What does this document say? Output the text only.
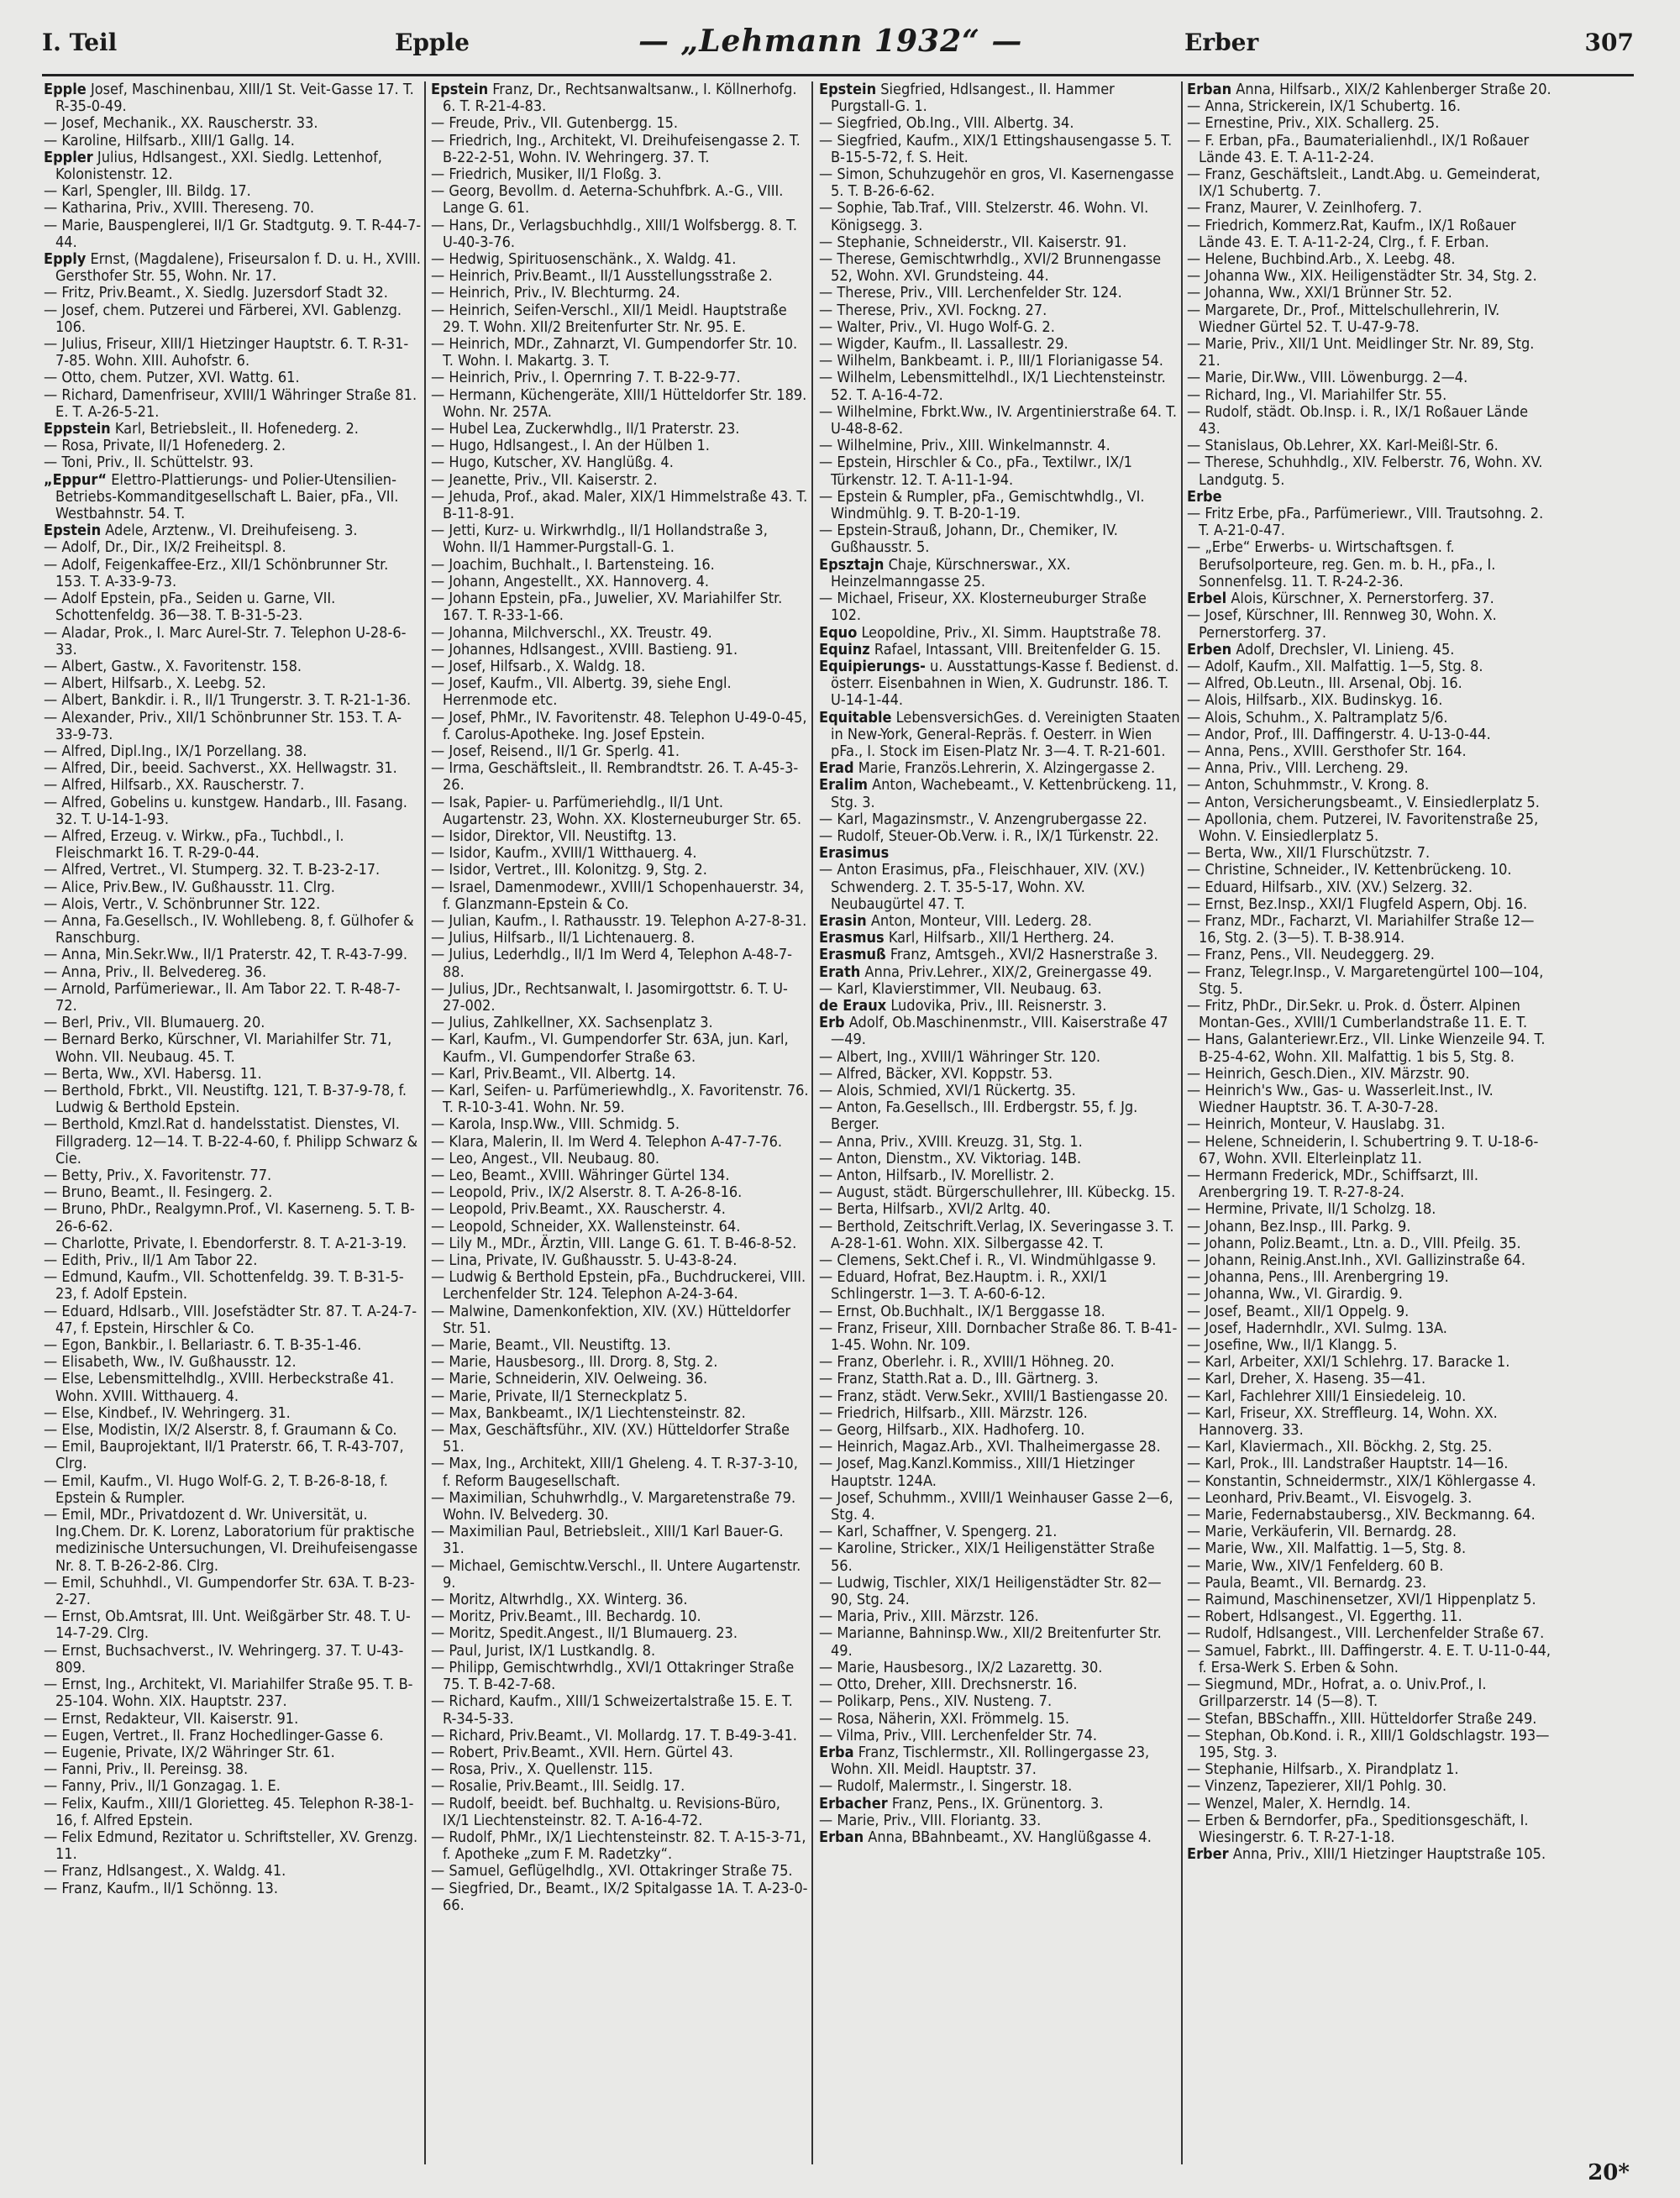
I. Teil	Epple	— „Lehmann 1932“ —	Erber	307

Epple Josef, Maschinenbau, XIII/1 St. Veit-Gasse 17. T. R-35-0-49.

— Josef, Mechanik., XX. Rauscherstr. 33.

— Karoline, Hilfsarb., XIII/1 Gallg. 14.

Eppler Julius, Hdlsangest., XXI. Siedlg. Lettenhof, Kolonistenstr. 12.

— Karl, Spengler, III. Bildg. 17.

— Katharina, Priv., XVIII. Thereseng. 70.

— Marie, Bauspenglerei, II/1 Gr. Stadtgutg. 9. T. R-44-7-44.

Epply Ernst, (Magdalene), Friseursalon f. D. u. H., XVIII. Gersthofer Str. 55, Wohn. Nr. 17.

— Fritz, Priv.Beamt., X. Siedlg. Juzersdorf Stadt 32.

— Josef, chem. Putzerei und Färberei, XVI. Gablenzg. 106.

— Julius, Friseur, XIII/1 Hietzinger Hauptstr. 6. T. R-31-7-85. Wohn. XIII. Auhofstr. 6.

— Otto, chem. Putzer, XVI. Wattg. 61.

— Richard, Damenfriseur, XVIII/1 Währinger Straße 81. E. T. A-26-5-21.

Eppstein Karl, Betriebsleit., II. Hofenederg. 2.

— Rosa, Private, II/1 Hofenederg. 2.

— Toni, Priv., II. Schüttelstr. 93.

„Eppur“ Elettro-Plattierungs- und Polier-Utensilien-Betriebs-Kommanditgesellschaft L. Baier, pFa., VII. Westbahnstr. 54. T.

Epstein Adele, Arztenw., VI. Dreihufeiseng. 3.

— Adolf, Dr., Dir., IX/2 Freiheitspl. 8.

— Adolf, Feigenkaffee-Erz., XII/1 Schönbrunner Str. 153. T. A-33-9-73.

— Adolf Epstein, pFa., Seiden u. Garne, VII. Schottenfeldg. 36—38. T. B-31-5-23.

— Aladar, Prok., I. Marc Aurel-Str. 7. Telephon U-28-6-33.

— Albert, Gastw., X. Favoritenstr. 158.

— Albert, Hilfsarb., X. Leebg. 52.

— Albert, Bankdir. i. R., II/1 Trungerstr. 3. T. R-21-1-36.

— Alexander, Priv., XII/1 Schönbrunner Str. 153. T. A-33-9-73.

— Alfred, Dipl.Ing., IX/1 Porzellang. 38.

— Alfred, Dir., beeid. Sachverst., XX. Hellwagstr. 31.

— Alfred, Hilfsarb., XX. Rauscherstr. 7.

— Alfred, Gobelins u. kunstgew. Handarb., III. Fasang. 32. T. U-14-1-93.

— Alfred, Erzeug. v. Wirkw., pFa., Tuchbdl., I. Fleischmarkt 16. T. R-29-0-44.

— Alfred, Vertret., VI. Stumperg. 32. T. B-23-2-17.

— Alice, Priv.Bew., IV. Gußhausstr. 11. Clrg.

— Alois, Vertr., V. Schönbrunner Str. 122.

— Anna, Fa.Gesellsch., IV. Wohllebeng. 8, f. Gülhofer & Ranschburg.

— Anna, Min.Sekr.Ww., II/1 Praterstr. 42, T. R-43-7-99.

— Anna, Priv., II. Belvedereg. 36.

— Arnold, Parfümeriewar., II. Am Tabor 22. T. R-48-7-72.

— Berl, Priv., VII. Blumauerg. 20.

— Bernard Berko, Kürschner, VI. Mariahilfer Str. 71, Wohn. VII. Neubaug. 45. T.

— Berta, Ww., XVI. Habersg. 11.

— Berthold, Fbrkt., VII. Neustiftg. 121, T. B-37-9-78, f. Ludwig & Berthold Epstein.

— Berthold, Kmzl.Rat d. handelsstatist. Dienstes, VI. Fillgraderg. 12—14. T. B-22-4-60, f. Philipp Schwarz & Cie.

— Betty, Priv., X. Favoritenstr. 77.

— Bruno, Beamt., II. Fesingerg. 2.

— Bruno, PhDr., Realgymn.Prof., VI. Kaserneng. 5. T. B-26-6-62.

— Charlotte, Private, I. Ebendorferstr. 8. T. A-21-3-19.

— Edith, Priv., II/1 Am Tabor 22.

— Edmund, Kaufm., VII. Schottenfeldg. 39. T. B-31-5-23, f. Adolf Epstein.

— Eduard, Hdlsarb., VIII. Josefstädter Str. 87. T. A-24-7-47, f. Epstein, Hirschler & Co.

— Egon, Bankbir., I. Bellariastr. 6. T. B-35-1-46.

— Elisabeth, Ww., IV. Gußhausstr. 12.

— Else, Lebensmittelhdlg., XVIII. Herbeckstraße 41. Wohn. XVIII. Witthauerg. 4.

— Else, Kindbef., IV. Wehringerg. 31.

— Else, Modistin, IX/2 Alserstr. 8, f. Graumann & Co.

— Emil, Bauprojektant, II/1 Praterstr. 66, T. R-43-707, Clrg.

— Emil, Kaufm., VI. Hugo Wolf-G. 2, T. B-26-8-18, f. Epstein & Rumpler.

— Emil, MDr., Privatdozent d. Wr. Universität, u. Ing.Chem. Dr. K. Lorenz, Laboratorium für praktische medizinische Untersuchungen, VI. Dreihufeisengasse Nr. 8. T. B-26-2-86. Clrg.

— Emil, Schuhhdl., VI. Gumpendorfer Str. 63A. T. B-23-2-27.

— Ernst, Ob.Amtsrat, III. Unt. Weißgärber Str. 48. T. U-14-7-29. Clrg.

— Ernst, Buchsachverst., IV. Wehringerg. 37. T. U-43-809.

— Ernst, Ing., Architekt, VI. Mariahilfer Straße 95. T. B-25-104. Wohn. XIX. Hauptstr. 237.

— Ernst, Redakteur, VII. Kaiserstr. 91.

— Eugen, Vertret., II. Franz Hochedlinger-Gasse 6.

— Eugenie, Private, IX/2 Währinger Str. 61.

— Fanni, Priv., II. Pereinsg. 38.

— Fanny, Priv., II/1 Gonzagag. 1. E.

— Felix, Kaufm., XIII/1 Glorietteg. 45. Telephon R-38-1-16, f. Alfred Epstein.

— Felix Edmund, Rezitator u. Schriftsteller, XV. Grenzg. 11.

— Franz, Hdlsangest., X. Waldg. 41.

— Franz, Kaufm., II/1 Schönng. 13.

Epstein Franz, Dr., Rechtsanwaltsanw., I. Köllnerhofg. 6. T. R-21-4-83.

— Freude, Priv., VII. Gutenbergg. 15.

— Friedrich, Ing., Architekt, VI. Dreihufeisengasse 2. T. B-22-2-51, Wohn. IV. Wehringerg. 37. T.

— Friedrich, Musiker, II/1 Floßg. 3.

— Georg, Bevollm. d. Aeterna-Schuhfbrk. A.-G., VIII. Lange G. 61.

— Hans, Dr., Verlagsbuchhdlg., XIII/1 Wolfsbergg. 8. T. U-40-3-76.

— Hedwig, Spirituosenschänk., X. Waldg. 41.

— Heinrich, Priv.Beamt., II/1 Ausstellungsstraße 2.

— Heinrich, Priv., IV. Blechturmg. 24.

— Heinrich, Seifen-Verschl., XII/1 Meidl. Hauptstraße 29. T. Wohn. XII/2 Breitenfurter Str. Nr. 95. E.

— Heinrich, MDr., Zahnarzt, VI. Gumpendorfer Str. 10. T. Wohn. I. Makartg. 3. T.

— Heinrich, Priv., I. Opernring 7. T. B-22-9-77.

— Hermann, Küchengeräte, XIII/1 Hütteldorfer Str. 189. Wohn. Nr. 257A.

— Hubel Lea, Zuckerwhdlg., II/1 Praterstr. 23.

— Hugo, Hdlsangest., I. An der Hülben 1.

— Hugo, Kutscher, XV. Hanglüßg. 4.

— Jeanette, Priv., VII. Kaiserstr. 2.

— Jehuda, Prof., akad. Maler, XIX/1 Himmelstraße 43. T. B-11-8-91.

— Jetti, Kurz- u. Wirkwrhdlg., II/1 Hollandstraße 3, Wohn. II/1 Hammer-Purgstall-G. 1.

— Joachim, Buchhalt., I. Bartensteing. 16.

— Johann, Angestellt., XX. Hannoverg. 4.

— Johann Epstein, pFa., Juwelier, XV. Mariahilfer Str. 167. T. R-33-1-66.

— Johanna, Milchverschl., XX. Treustr. 49.

— Johannes, Hdlsangest., XVIII. Bastieng. 91.

— Josef, Hilfsarb., X. Waldg. 18.

— Josef, Kaufm., VII. Albertg. 39, siehe Engl. Herrenmode etc.

— Josef, PhMr., IV. Favoritenstr. 48. Telephon U-49-0-45, f. Carolus-Apotheke. Ing. Josef Epstein.

— Josef, Reisend., II/1 Gr. Sperlg. 41.

— Irma, Geschäftsleit., II. Rembrandtstr. 26. T. A-45-3-26.

— Isak, Papier- u. Parfümeriehdlg., II/1 Unt. Augartenstr. 23, Wohn. XX. Klosterneuburger Str. 65.

— Isidor, Direktor, VII. Neustiftg. 13.

— Isidor, Kaufm., XVIII/1 Witthauerg. 4.

— Isidor, Vertret., III. Kolonitzg. 9, Stg. 2.

— Israel, Damenmodewr., XVIII/1 Schopenhauerstr. 34, f. Glanzmann-Epstein & Co.

— Julian, Kaufm., I. Rathausstr. 19. Telephon A-27-8-31.

— Julius, Hilfsarb., II/1 Lichtenauerg. 8.

— Julius, Lederhdlg., II/1 Im Werd 4, Telephon A-48-7-88.

— Julius, JDr., Rechtsanwalt, I. Jasomirgottstr. 6. T. U-27-002.

— Julius, Zahlkellner, XX. Sachsenplatz 3.

— Karl, Kaufm., VI. Gumpendorfer Str. 63A, jun. Karl, Kaufm., VI. Gumpendorfer Straße 63.

— Karl, Priv.Beamt., VII. Albertg. 14.

— Karl, Seifen- u. Parfümeriewhdlg., X. Favoritenstr. 76. T. R-10-3-41. Wohn. Nr. 59.

— Karola, Insp.Ww., VIII. Schmidg. 5.

— Klara, Malerin, II. Im Werd 4. Telephon A-47-7-76.

— Leo, Angest., VII. Neubaug. 80.

— Leo, Beamt., XVIII. Währinger Gürtel 134.

— Leopold, Priv., IX/2 Alserstr. 8. T. A-26-8-16.

— Leopold, Priv.Beamt., XX. Rauscherstr. 4.

— Leopold, Schneider, XX. Wallensteinstr. 64.

— Lily M., MDr., Ärztin, VIII. Lange G. 61. T. B-46-8-52.

— Lina, Private, IV. Gußhausstr. 5. U-43-8-24.

— Ludwig & Berthold Epstein, pFa., Buchdruckerei, VIII. Lerchenfelder Str. 124. Telephon A-24-3-64.

— Malwine, Damenkonfektion, XIV. (XV.) Hütteldorfer Str. 51.

— Marie, Beamt., VII. Neustiftg. 13.

— Marie, Hausbesorg., III. Drorg. 8, Stg. 2.

— Marie, Schneiderin, XIV. Oelweing. 36.

— Marie, Private, II/1 Sterneckplatz 5.

— Max, Bankbeamt., IX/1 Liechtensteinstr. 82.

— Max, Geschäftsführ., XIV. (XV.) Hütteldorfer Straße 51.

— Max, Ing., Architekt, XIII/1 Gheleng. 4. T. R-37-3-10, f. Reform Baugesellschaft.

— Maximilian, Schuhwrhdlg., V. Margaretenstraße 79. Wohn. IV. Belvederg. 30.

— Maximilian Paul, Betriebsleit., XIII/1 Karl Bauer-G. 31.

— Michael, Gemischtw.Verschl., II. Untere Augartenstr. 9.

— Moritz, Altwrhdlg., XX. Winterg. 36.

— Moritz, Priv.Beamt., III. Bechardg. 10.

— Moritz, Spedit.Angest., II/1 Blumauerg. 23.

— Paul, Jurist, IX/1 Lustkandlg. 8.

— Philipp, Gemischtwrhdlg., XVI/1 Ottakringer Straße 75. T. B-42-7-68.

— Richard, Kaufm., XIII/1 Schweizertalstraße 15. E. T. R-34-5-33.

— Richard, Priv.Beamt., VI. Mollardg. 17. T. B-49-3-41.

— Robert, Priv.Beamt., XVII. Hern. Gürtel 43.

— Rosa, Priv., X. Quellenstr. 115.

— Rosalie, Priv.Beamt., III. Seidlg. 17.

— Rudolf, beeidt. bef. Buchhaltg. u. Revisions-Büro, IX/1 Liechtensteinstr. 82. T. A-16-4-72.

— Rudolf, PhMr., IX/1 Liechtensteinstr. 82. T. A-15-3-71, f. Apotheke „zum F. M. Radetzky“.

— Samuel, Geflügelhdlg., XVI. Ottakringer Straße 75.

— Siegfried, Dr., Beamt., IX/2 Spitalgasse 1A. T. A-23-0-66.

Epstein Siegfried, Hdlsangest., II. Hammer Purgstall-G. 1.

— Siegfried, Ob.Ing., VIII. Albertg. 34.

— Siegfried, Kaufm., XIX/1 Ettingshausengasse 5. T. B-15-5-72, f. S. Heit.

— Simon, Schuhzugehör en gros, VI. Kasernengasse 5. T. B-26-6-62.

— Sophie, Tab.Traf., VIII. Stelzerstr. 46. Wohn. VI. Königsegg. 3.

— Stephanie, Schneiderstr., VII. Kaiserstr. 91.

— Therese, Gemischtwrhdlg., XVI/2 Brunnengasse 52, Wohn. XVI. Grundsteing. 44.

— Therese, Priv., VIII. Lerchenfelder Str. 124.

— Therese, Priv., XVI. Fockng. 27.

— Walter, Priv., VI. Hugo Wolf-G. 2.

— Wigder, Kaufm., II. Lassallestr. 29.

— Wilhelm, Bankbeamt. i. P., III/1 Florianigasse 54.

— Wilhelm, Lebensmittelhdl., IX/1 Liechtensteinstr. 52. T. A-16-4-72.

— Wilhelmine, Fbrkt.Ww., IV. Argentinierstraße 64. T. U-48-8-62.

— Wilhelmine, Priv., XIII. Winkelmannstr. 4.

— Epstein, Hirschler & Co., pFa., Textilwr., IX/1 Türkenstr. 12. T. A-11-1-94.

— Epstein & Rumpler, pFa., Gemischtwhdlg., VI. Windmühlg. 9. T. B-20-1-19.

— Epstein-Strauß, Johann, Dr., Chemiker, IV. Gußhausstr. 5.

Epsztajn Chaje, Kürschnerswar., XX. Heinzelmanngasse 25.

— Michael, Friseur, XX. Klosterneuburger Straße 102.

Equo Leopoldine, Priv., XI. Simm. Hauptstraße 78.

Equinz Rafael, Intassant, VIII. Breitenfelder G. 15.

Equipierungs- u. Ausstattungs-Kasse f. Bedienst. d. österr. Eisenbahnen in Wien, X. Gudrunstr. 186. T. U-14-1-44.

Equitable LebensversichGes. d. Vereinigten Staaten in New-York, General-Repräs. f. Oesterr. in Wien pFa., I. Stock im Eisen-Platz Nr. 3—4. T. R-21-601.

Erad Marie, Französ.Lehrerin, X. Alzingergasse 2.

Eralim Anton, Wachebeamt., V. Kettenbrückeng. 11, Stg. 3.

— Karl, Magazinsmstr., V. Anzengrubergasse 22.

— Rudolf, Steuer-Ob.Verw. i. R., IX/1 Türkenstr. 22.

Erasimus

— Anton Erasimus, pFa., Fleischhauer, XIV. (XV.) Schwenderg. 2. T. 35-5-17, Wohn. XV. Neubaugürtel 47. T.

Erasin Anton, Monteur, VIII. Lederg. 28.

Erasmus Karl, Hilfsarb., XII/1 Hertherg. 24.

Erasmuß Franz, Amtsgeh., XVI/2 Hasnerstraße 3.

Erath Anna, Priv.Lehrer., XIX/2, Greinergasse 49.

— Karl, Klavierstimmer, VII. Neubaug. 63.

de Eraux Ludovika, Priv., III. Reisnerstr. 3.

Erb Adolf, Ob.Maschinenmstr., VIII. Kaiserstraße 47—49.

— Albert, Ing., XVIII/1 Währinger Str. 120.

— Alfred, Bäcker, XVI. Koppstr. 53.

— Alois, Schmied, XVI/1 Rückertg. 35.

— Anton, Fa.Gesellsch., III. Erdbergstr. 55, f. Jg. Berger.

— Anna, Priv., XVIII. Kreuzg. 31, Stg. 1.

— Anton, Dienstm., XV. Viktoriag. 14B.

— Anton, Hilfsarb., IV. Morellistr. 2.

— August, städt. Bürgerschullehrer, III. Kübeckg. 15.

— Berta, Hilfsarb., XVI/2 Arltg. 40.

— Berthold, Zeitschrift.Verlag, IX. Severingasse 3. T. A-28-1-61. Wohn. XIX. Silbergasse 42. T.

— Clemens, Sekt.Chef i. R., VI. Windmühlgasse 9.

— Eduard, Hofrat, Bez.Hauptm. i. R., XXI/1 Schlingerstr. 1—3. T. A-60-6-12.

— Ernst, Ob.Buchhalt., IX/1 Berggasse 18.

— Franz, Friseur, XIII. Dornbacher Straße 86. T. B-41-1-45. Wohn. Nr. 109.

— Franz, Oberlehr. i. R., XVIII/1 Höhneg. 20.

— Franz, Statth.Rat a. D., III. Gärtnerg. 3.

— Franz, städt. Verw.Sekr., XVIII/1 Bastiengasse 20.

— Friedrich, Hilfsarb., XIII. Märzstr. 126.

— Georg, Hilfsarb., XIX. Hadhoferg. 10.

— Heinrich, Magaz.Arb., XVI. Thalheimergasse 28.

— Josef, Mag.Kanzl.Kommiss., XIII/1 Hietzinger Hauptstr. 124A.

— Josef, Schuhmm., XVIII/1 Weinhauser Gasse 2—6, Stg. 4.

— Karl, Schaffner, V. Spengerg. 21.

— Karoline, Stricker., XIX/1 Heiligenstätter Straße 56.

— Ludwig, Tischler, XIX/1 Heiligenstädter Str. 82—90, Stg. 24.

— Maria, Priv., XIII. Märzstr. 126.

— Marianne, Bahninsp.Ww., XII/2 Breitenfurter Str. 49.

— Marie, Hausbesorg., IX/2 Lazarettg. 30.

— Otto, Dreher, XIII. Drechsnerstr. 16.

— Polikarp, Pens., XIV. Nusteng. 7.

— Rosa, Näherin, XXI. Frömmelg. 15.

— Vilma, Priv., VIII. Lerchenfelder Str. 74.

Erba Franz, Tischlermstr., XII. Rollingergasse 23, Wohn. XII. Meidl. Hauptstr. 37.

— Rudolf, Malermstr., I. Singerstr. 18.

Erbacher Franz, Pens., IX. Grünentorg. 3.

— Marie, Priv., VIII. Floriantg. 33.

Erban Anna, BBahnbeamt., XV. Hanglüßgasse 4.

Erban Anna, Hilfsarb., XIX/2 Kahlenberger Straße 20.

— Anna, Strickerein, IX/1 Schubertg. 16.

— Ernestine, Priv., XIX. Schallerg. 25.

— F. Erban, pFa., Baumaterialienhdl., IX/1 Roßauer Lände 43. E. T. A-11-2-24.

— Franz, Geschäftsleit., Landt.Abg. u. Gemeinderat, IX/1 Schubertg. 7.

— Franz, Maurer, V. Zeinlhoferg. 7.

— Friedrich, Kommerz.Rat, Kaufm., IX/1 Roßauer Lände 43. E. T. A-11-2-24, Clrg., f. F. Erban.

— Helene, Buchbind.Arb., X. Leebg. 48.

— Johanna Ww., XIX. Heiligenstädter Str. 34, Stg. 2.

— Johanna, Ww., XXI/1 Brünner Str. 52.

— Margarete, Dr., Prof., Mittelschullehrerin, IV. Wiedner Gürtel 52. T. U-47-9-78.

— Marie, Priv., XII/1 Unt. Meidlinger Str. Nr. 89, Stg. 21.

— Marie, Dir.Ww., VIII. Löwenburgg. 2—4.

— Richard, Ing., VI. Mariahilfer Str. 55.

— Rudolf, städt. Ob.Insp. i. R., IX/1 Roßauer Lände 43.

— Stanislaus, Ob.Lehrer, XX. Karl-Meißl-Str. 6.

— Therese, Schuhhdlg., XIV. Felberstr. 76, Wohn. XV. Landgutg. 5.

Erbe

— Fritz Erbe, pFa., Parfümeriewr., VIII. Trautsohng. 2. T. A-21-0-47.

— „Erbe“ Erwerbs- u. Wirtschaftsgen. f. Berufsolporteure, reg. Gen. m. b. H., pFa., I. Sonnenfelsg. 11. T. R-24-2-36.

Erbel Alois, Kürschner, X. Pernerstorferg. 37.

— Josef, Kürschner, III. Rennweg 30, Wohn. X. Pernerstorferg. 37.

Erben Adolf, Drechsler, VI. Linieng. 45.

— Adolf, Kaufm., XII. Malfattig. 1—5, Stg. 8.

— Alfred, Ob.Leutn., III. Arsenal, Obj. 16.

— Alois, Hilfsarb., XIX. Budinskyg. 16.

— Alois, Schuhm., X. Paltramplatz 5/6.

— Andor, Prof., III. Daffingerstr. 4. U-13-0-44.

— Anna, Pens., XVIII. Gersthofer Str. 164.

— Anna, Priv., VIII. Lercheng. 29.

— Anton, Schuhmmstr., V. Krong. 8.

— Anton, Versicherungsbeamt., V. Einsiedlerplatz 5.

— Apollonia, chem. Putzerei, IV. Favoritenstraße 25, Wohn. V. Einsiedlerplatz 5.

— Berta, Ww., XII/1 Flurschützstr. 7.

— Christine, Schneider., IV. Kettenbrückeng. 10.

— Eduard, Hilfsarb., XIV. (XV.) Selzerg. 32.

— Ernst, Bez.Insp., XXI/1 Flugfeld Aspern, Obj. 16.

— Franz, MDr., Facharzt, VI. Mariahilfer Straße 12—16, Stg. 2. (3—5). T. B-38.914.

— Franz, Pens., VII. Neudeggerg. 29.

— Franz, Telegr.Insp., V. Margaretengürtel 100—104, Stg. 5.

— Fritz, PhDr., Dir.Sekr. u. Prok. d. Österr. Alpinen Montan-Ges., XVIII/1 Cumberlandstraße 11. E. T.

— Hans, Galanteriewr.Erz., VII. Linke Wienzeile 94. T. B-25-4-62, Wohn. XII. Malfattig. 1 bis 5, Stg. 8.

— Heinrich, Gesch.Dien., XIV. Märzstr. 90.

— Heinrich's Ww., Gas- u. Wasserleit.Inst., IV. Wiedner Hauptstr. 36. T. A-30-7-28.

— Heinrich, Monteur, V. Hauslabg. 31.

— Helene, Schneiderin, I. Schubertring 9. T. U-18-6-67, Wohn. XVII. Elterleinplatz 11.

— Hermann Frederick, MDr., Schiffsarzt, III. Arenbergring 19. T. R-27-8-24.

— Hermine, Private, II/1 Scholzg. 18.

— Johann, Bez.Insp., III. Parkg. 9.

— Johann, Poliz.Beamt., Ltn. a. D., VIII. Pfeilg. 35.

— Johann, Reinig.Anst.Inh., XVI. Gallizinstraße 64.

— Johanna, Pens., III. Arenbergring 19.

— Johanna, Ww., VI. Girardig. 9.

— Josef, Beamt., XII/1 Oppelg. 9.

— Josef, Hadernhdlr., XVI. Sulmg. 13A.

— Josefine, Ww., II/1 Klangg. 5.

— Karl, Arbeiter, XXI/1 Schlehrg. 17. Baracke 1.

— Karl, Dreher, X. Haseng. 35—41.

— Karl, Fachlehrer XIII/1 Einsiedeleig. 10.

— Karl, Friseur, XX. Streffleurg. 14, Wohn. XX. Hannoverg. 33.

— Karl, Klaviermach., XII. Böckhg. 2, Stg. 25.

— Karl, Prok., III. Landstraßer Hauptstr. 14—16.

— Konstantin, Schneidermstr., XIX/1 Köhlergasse 4.

— Leonhard, Priv.Beamt., VI. Eisvogelg. 3.

— Marie, Federnabstaubersg., XIV. Beckmanng. 64.

— Marie, Verkäuferin, VII. Bernardg. 28.

— Marie, Ww., XII. Malfattig. 1—5, Stg. 8.

— Marie, Ww., XIV/1 Fenfelderg. 60 B.

— Paula, Beamt., VII. Bernardg. 23.

— Raimund, Maschinensetzer, XVI/1 Hippenplatz 5.

— Robert, Hdlsangest., VI. Eggerthg. 11.

— Rudolf, Hdlsangest., VIII. Lerchenfelder Straße 67.

— Samuel, Fabrkt., III. Daffingerstr. 4. E. T. U-11-0-44, f. Ersa-Werk S. Erben & Sohn.

— Siegmund, MDr., Hofrat, a. o. Univ.Prof., I. Grillparzerstr. 14 (5—8). T.

— Stefan, BBSchaffn., XIII. Hütteldorfer Straße 249.

— Stephan, Ob.Kond. i. R., XIII/1 Goldschlagstr. 193—195, Stg. 3.

— Stephanie, Hilfsarb., X. Pirandplatz 1.

— Vinzenz, Tapezierer, XII/1 Pohlg. 30.

— Wenzel, Maler, X. Herndlg. 14.

— Erben & Berndorfer, pFa., Speditionsgeschäft, I. Wiesingerstr. 6. T. R-27-1-18.

Erber Anna, Priv., XIII/1 Hietzinger Hauptstraße 105.

20*
